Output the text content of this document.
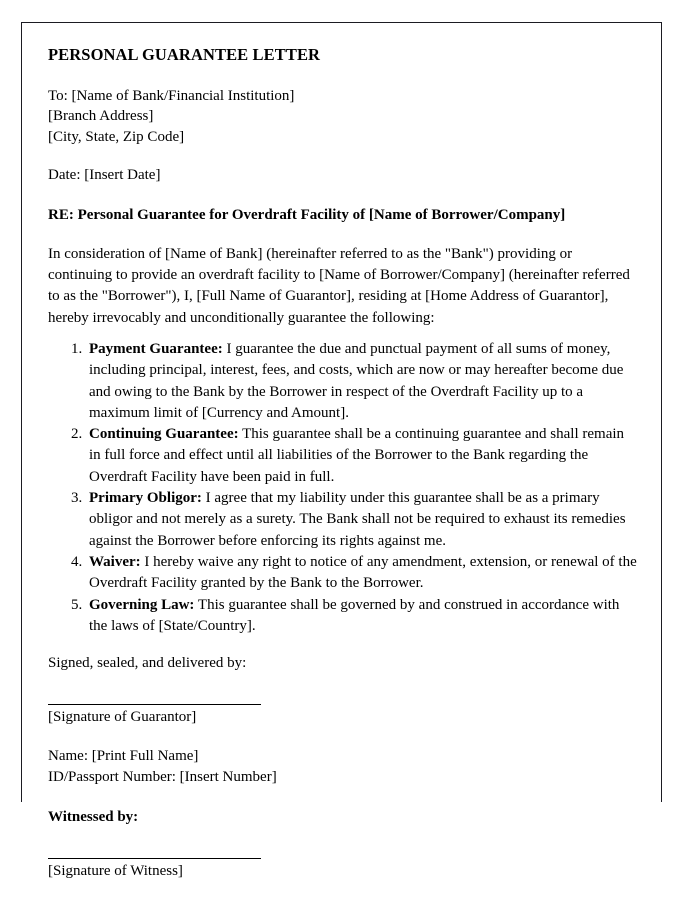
PERSONAL GUARANTEE LETTER
To: [Name of Bank/Financial Institution]
[Branch Address]
[City, State, Zip Code]
Date: [Insert Date]
RE: Personal Guarantee for Overdraft Facility of [Name of Borrower/Company]

In consideration of [Name of Bank] (hereinafter referred to as the "Bank") providing or continuing to provide an overdraft facility to [Name of Borrower/Company] (hereinafter referred to as the "Borrower"), I, [Full Name of Guarantor], residing at [Home Address of Guarantor], hereby irrevocably and unconditionally guarantee the following:

1. Payment Guarantee: I guarantee the due and punctual payment of all sums of money, including principal, interest, fees, and costs, which are now or may hereafter become due and owing to the Bank by the Borrower in respect of the Overdraft Facility up to a maximum limit of [Currency and Amount].
2. Continuing Guarantee: This guarantee shall be a continuing guarantee and shall remain in full force and effect until all liabilities of the Borrower to the Bank regarding the Overdraft Facility have been paid in full.
3. Primary Obligor: I agree that my liability under this guarantee shall be as a primary obligor and not merely as a surety. The Bank shall not be required to exhaust its remedies against the Borrower before enforcing its rights against me.
4. Waiver: I hereby waive any right to notice of any amendment, extension, or renewal of the Overdraft Facility granted by the Bank to the Borrower.
5. Governing Law: This guarantee shall be governed by and construed in accordance with the laws of [State/Country].
Signed, sealed, and delivered by:
[Signature of Guarantor]
Name: [Print Full Name]
ID/Passport Number: [Insert Number]
Witnessed by:
[Signature of Witness]
